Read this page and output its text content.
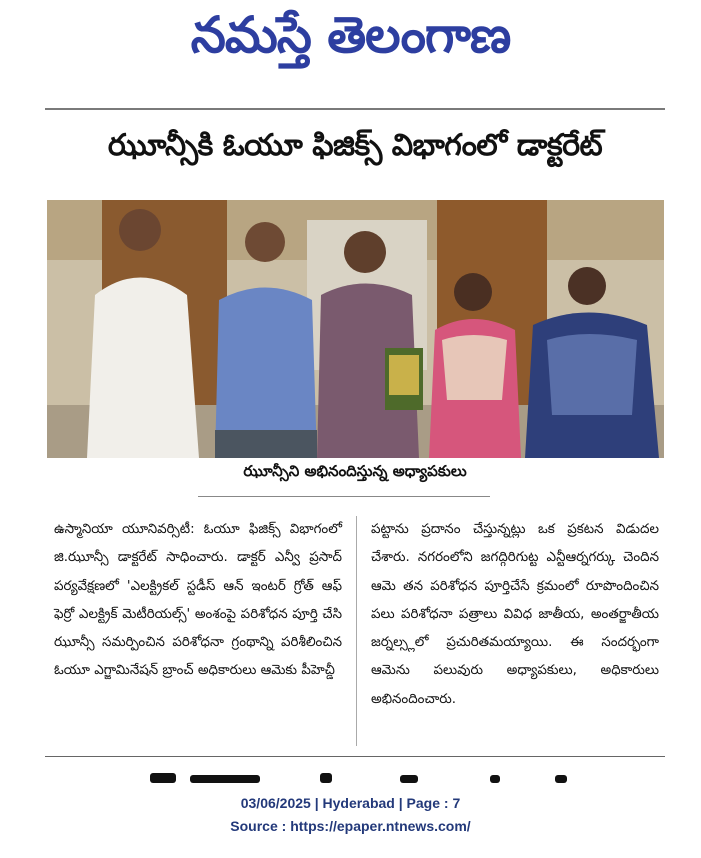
నమస్తే తెలంగాణ
ఝూన్సీకి ఓయూ ఫిజిక్స్ విభాగంలో డాక్టరేట్
ఝూన్సీని అభినందిస్తున్న అధ్యాపకులు
ఉస్మానియా యూనివర్సిటీ: ఓయూ ఫిజిక్స్ విభాగంలో జి.ఝూన్సీ డాక్టరేట్ సాధించారు. డాక్టర్ ఎన్వీ ప్రసాద్ పర్యవేక్షణలో 'ఎలక్ట్రికల్ స్టడీస్ ఆన్ ఇంటర్ గ్రోత్ ఆఫ్ ఫెర్రో ఎలక్ట్రిక్ మెటీరియల్స్' అంశంపై పరిశోధన పూర్తి చేసి ఝూన్సీ సమర్పించిన పరిశోధనా గ్రంథాన్ని పరిశీలించిన ఓయూ ఎగ్జామినేషన్ బ్రాంచ్ అధికారులు ఆమెకు పీహెచ్డీ
పట్టాను ప్రదానం చేస్తున్నట్లు ఒక ప్రకటన విడుదల చేశారు. నగరంలోని జగద్గిరిగుట్ట ఎన్టీఆర్నగర్కు చెందిన ఆమె తన పరిశోధన పూర్తిచేసే క్రమంలో రూపొందించిన పలు పరిశోధనా పత్రాలు వివిధ జాతీయ, అంతర్జాతీయ జర్నల్స్లలో ప్రచురితమయ్యాయి. ఈ సందర్భంగా ఆమెను పలువురు అధ్యాపకులు, అధికారులు అభినందించారు.
03/06/2025 | Hyderabad | Page : 7
Source : https://epaper.ntnews.com/
